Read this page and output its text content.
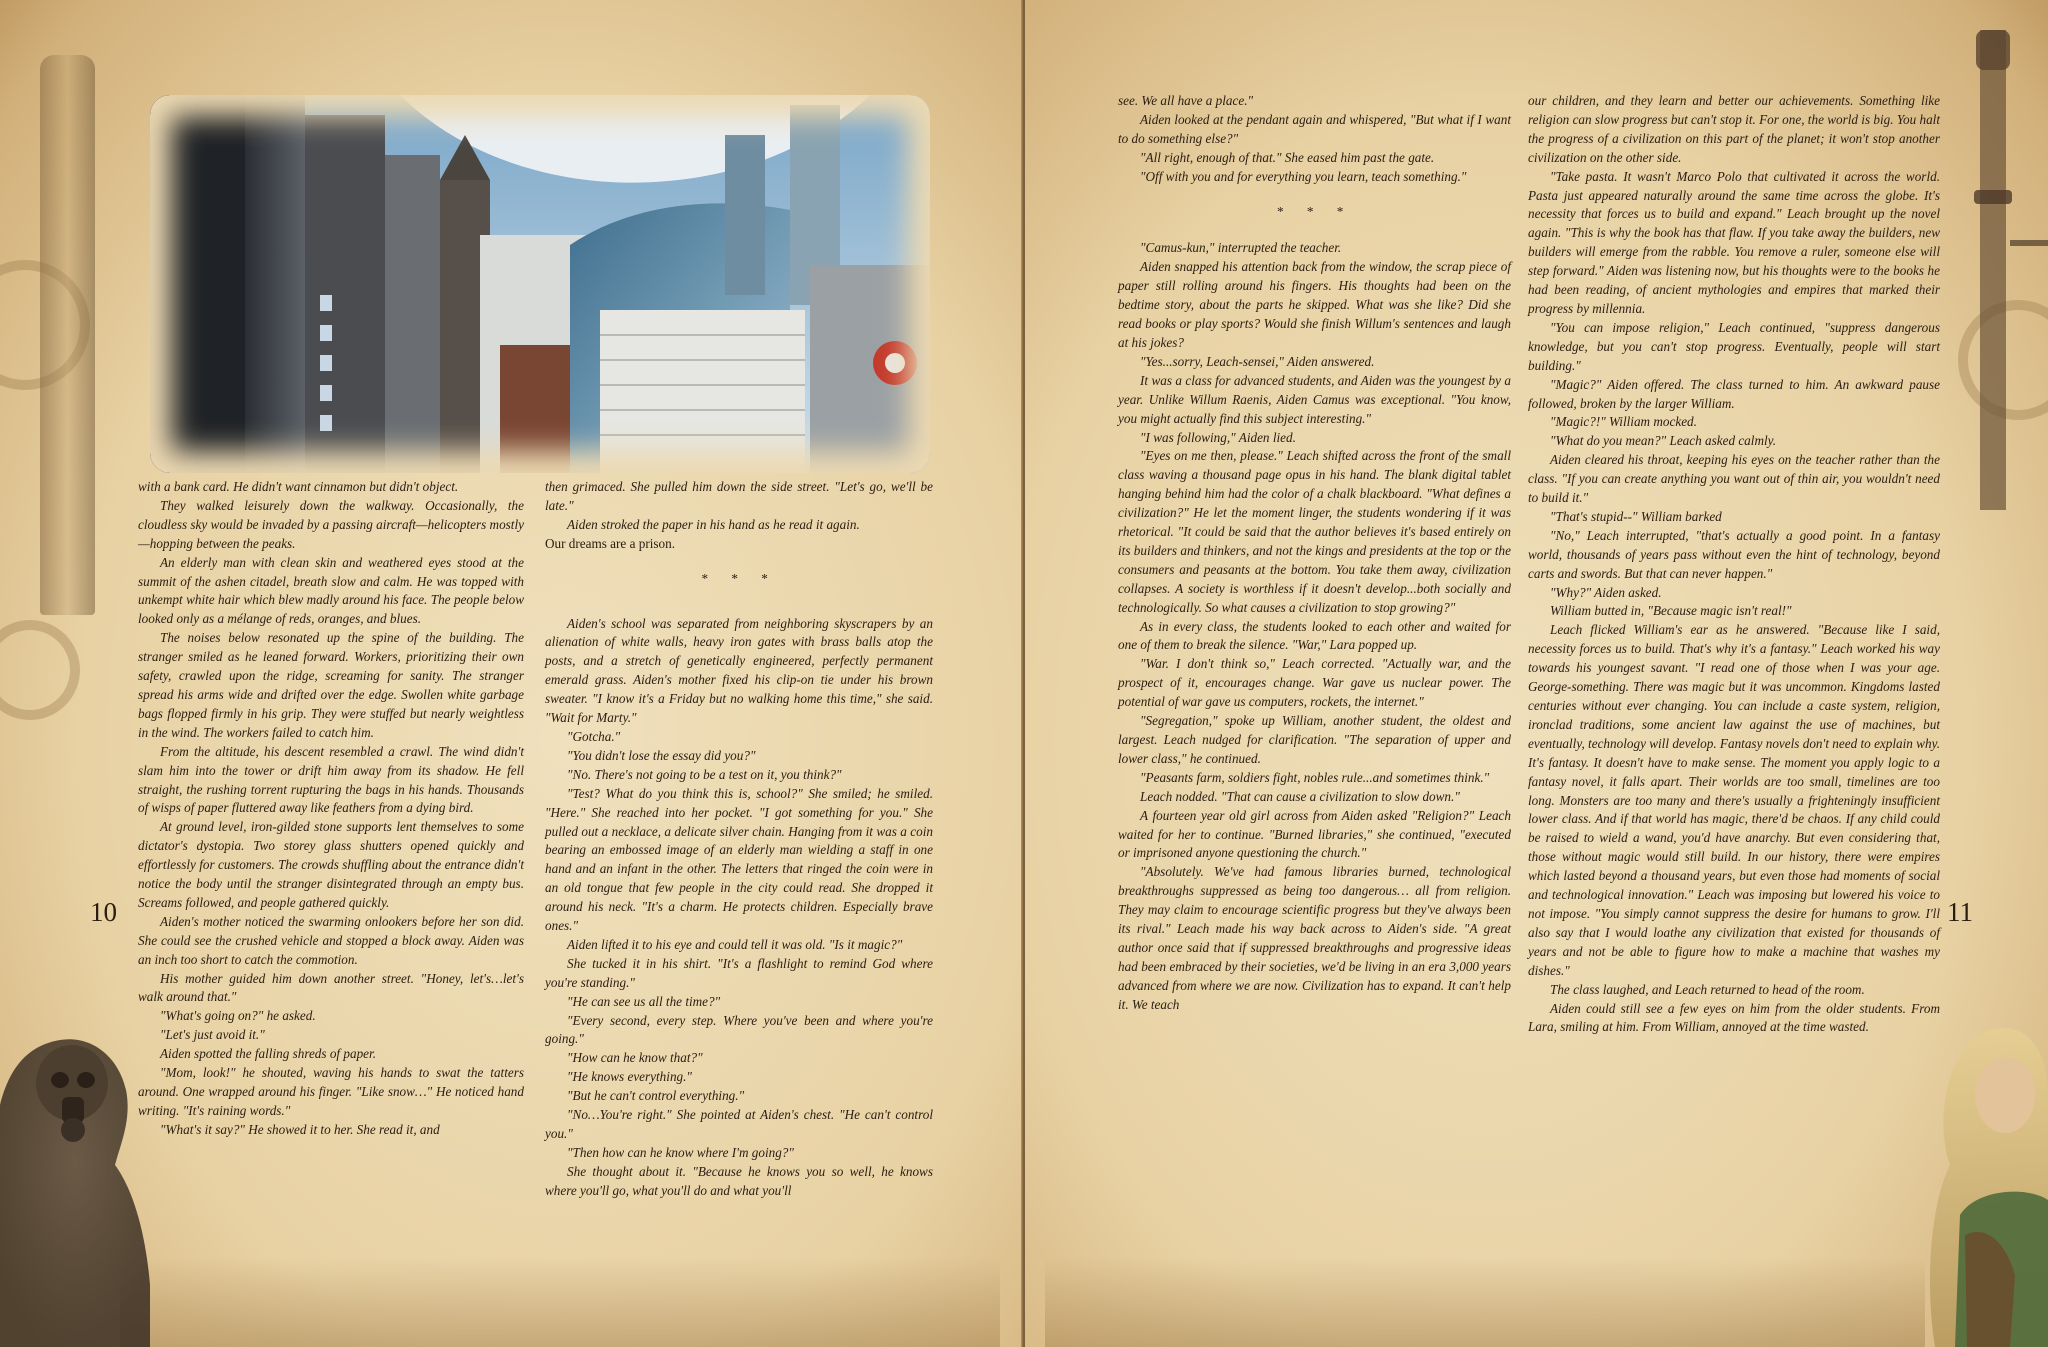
with a bank card. He didn't want cinnamon but didn't object.

They walked leisurely down the walkway. Occasionally, the cloudless sky would be invaded by a passing aircraft—helicopters mostly—hopping between the peaks.

An elderly man with clean skin and weathered eyes stood at the summit of the ashen citadel, breath slow and calm. He was topped with unkempt white hair which blew madly around his face. The people below looked only as a mélange of reds, oranges, and blues.

The noises below resonated up the spine of the building. The stranger smiled as he leaned forward. Workers, prioritizing their own safety, crawled upon the ridge, screaming for sanity. The stranger spread his arms wide and drifted over the edge. Swollen white garbage bags flopped firmly in his grip. They were stuffed but nearly weightless in the wind. The workers failed to catch him.

From the altitude, his descent resembled a crawl. The wind didn't slam him into the tower or drift him away from its shadow. He fell straight, the rushing torrent rupturing the bags in his hands. Thousands of wisps of paper fluttered away like feathers from a dying bird.

At ground level, iron-gilded stone supports lent themselves to some dictator's dystopia. Two storey glass shutters opened quickly and effortlessly for customers. The crowds shuffling about the entrance didn't notice the body until the stranger disintegrated through an empty bus. Screams followed, and people gathered quickly.

Aiden's mother noticed the swarming onlookers before her son did. She could see the crushed vehicle and stopped a block away. Aiden was an inch too short to catch the commotion.

His mother guided him down another street. "Honey, let's…let's walk around that."

"What's going on?" he asked.

"Let's just avoid it."

Aiden spotted the falling shreds of paper.

"Mom, look!" he shouted, waving his hands to swat the tatters around. One wrapped around his finger. "Like snow…" He noticed hand writing. "It's raining words."

"What's it say?" He showed it to her. She read it, and

then grimaced. She pulled him down the side street. "Let's go, we'll be late."

Aiden stroked the paper in his hand as he read it again.

Our dreams are a prison.

* * *

Aiden's school was separated from neighboring skyscrapers by an alienation of white walls, heavy iron gates with brass balls atop the posts, and a stretch of genetically engineered, perfectly permanent emerald grass. Aiden's mother fixed his clip-on tie under his brown sweater. "I know it's a Friday but no walking home this time," she said. "Wait for Marty."

"Gotcha."

"You didn't lose the essay did you?"

"No. There's not going to be a test on it, you think?"

"Test? What do you think this is, school?" She smiled; he smiled. "Here." She reached into her pocket. "I got something for you." She pulled out a necklace, a delicate silver chain. Hanging from it was a coin bearing an embossed image of an elderly man wielding a staff in one hand and an infant in the other. The letters that ringed the coin were in an old tongue that few people in the city could read. She dropped it around his neck. "It's a charm. He protects children. Especially brave ones."

Aiden lifted it to his eye and could tell it was old. "Is it magic?"

She tucked it in his shirt. "It's a flashlight to remind God where you're standing."

"He can see us all the time?"

"Every second, every step. Where you've been and where you're going."

"How can he know that?"

"He knows everything."

"But he can't control everything."

"No…You're right." She pointed at Aiden's chest. "He can't control you."

"Then how can he know where I'm going?"

She thought about it. "Because he knows you so well, he knows where you'll go, what you'll do and what you'll

10

see. We all have a place."

Aiden looked at the pendant again and whispered, "But what if I want to do something else?"

"All right, enough of that." She eased him past the gate.

"Off with you and for everything you learn, teach something."

* * *

"Camus-kun," interrupted the teacher.

Aiden snapped his attention back from the window, the scrap piece of paper still rolling around his fingers. His thoughts had been on the bedtime story, about the parts he skipped. What was she like? Did she read books or play sports? Would she finish Willum's sentences and laugh at his jokes?

"Yes...sorry, Leach-sensei," Aiden answered.

It was a class for advanced students, and Aiden was the youngest by a year. Unlike Willum Raenis, Aiden Camus was exceptional. "You know, you might actually find this subject interesting."

"I was following," Aiden lied.

"Eyes on me then, please." Leach shifted across the front of the small class waving a thousand page opus in his hand. The blank digital tablet hanging behind him had the color of a chalk blackboard. "What defines a civilization?" He let the moment linger, the students wondering if it was rhetorical. "It could be said that the author believes it's based entirely on its builders and thinkers, and not the kings and presidents at the top or the consumers and peasants at the bottom. You take them away, civilization collapses. A society is worthless if it doesn't develop...both socially and technologically. So what causes a civilization to stop growing?"

As in every class, the students looked to each other and waited for one of them to break the silence. "War," Lara popped up.

"War. I don't think so," Leach corrected. "Actually war, and the prospect of it, encourages change. War gave us nuclear power. The potential of war gave us computers, rockets, the internet."

"Segregation," spoke up William, another student, the oldest and largest. Leach nudged for clarification. "The separation of upper and lower class," he continued.

"Peasants farm, soldiers fight, nobles rule...and sometimes think."

Leach nodded. "That can cause a civilization to slow down."

A fourteen year old girl across from Aiden asked "Religion?" Leach waited for her to continue. "Burned libraries," she continued, "executed or imprisoned anyone questioning the church."

"Absolutely. We've had famous libraries burned, technological breakthroughs suppressed as being too dangerous… all from religion. They may claim to encourage scientific progress but they've always been its rival." Leach made his way back across to Aiden's side. "A great author once said that if suppressed breakthroughs and progressive ideas had been embraced by their societies, we'd be living in an era 3,000 years advanced from where we are now. Civilization has to expand. It can't help it. We teach

our children, and they learn and better our achievements. Something like religion can slow progress but can't stop it. For one, the world is big. You halt the progress of a civilization on this part of the planet; it won't stop another civilization on the other side.

"Take pasta. It wasn't Marco Polo that cultivated it across the world. Pasta just appeared naturally around the same time across the globe. It's necessity that forces us to build and expand." Leach brought up the novel again. "This is why the book has that flaw. If you take away the builders, new builders will emerge from the rabble. You remove a ruler, someone else will step forward." Aiden was listening now, but his thoughts were to the books he had been reading, of ancient mythologies and empires that marked their progress by millennia.

"You can impose religion," Leach continued, "suppress dangerous knowledge, but you can't stop progress. Eventually, people will start building."

"Magic?" Aiden offered. The class turned to him. An awkward pause followed, broken by the larger William.

"Magic?!" William mocked.

"What do you mean?" Leach asked calmly.

Aiden cleared his throat, keeping his eyes on the teacher rather than the class. "If you can create anything you want out of thin air, you wouldn't need to build it."

"That's stupid--" William barked

"No," Leach interrupted, "that's actually a good point. In a fantasy world, thousands of years pass without even the hint of technology, beyond carts and swords. But that can never happen."

"Why?" Aiden asked.

William butted in, "Because magic isn't real!"

Leach flicked William's ear as he answered. "Because like I said, necessity forces us to build. That's why it's a fantasy." Leach worked his way towards his youngest savant. "I read one of those when I was your age. George-something. There was magic but it was uncommon. Kingdoms lasted centuries without ever changing. You can include a caste system, religion, ironclad traditions, some ancient law against the use of machines, but eventually, technology will develop. Fantasy novels don't need to explain why. It's fantasy. It doesn't have to make sense. The moment you apply logic to a fantasy novel, it falls apart. Their worlds are too small, timelines are too long. Monsters are too many and there's usually a frighteningly insufficient lower class. And if that world has magic, there'd be chaos. If any child could be raised to wield a wand, you'd have anarchy. But even considering that, those without magic would still build. In our history, there were empires which lasted beyond a thousand years, but even those had moments of social and technological innovation." Leach was imposing but lowered his voice to not impose. "You simply cannot suppress the desire for humans to grow. I'll also say that I would loathe any civilization that existed for thousands of years and not be able to figure how to make a machine that washes my dishes."

The class laughed, and Leach returned to head of the room.

Aiden could still see a few eyes on him from the older students. From Lara, smiling at him. From William, annoyed at the time wasted.

11
